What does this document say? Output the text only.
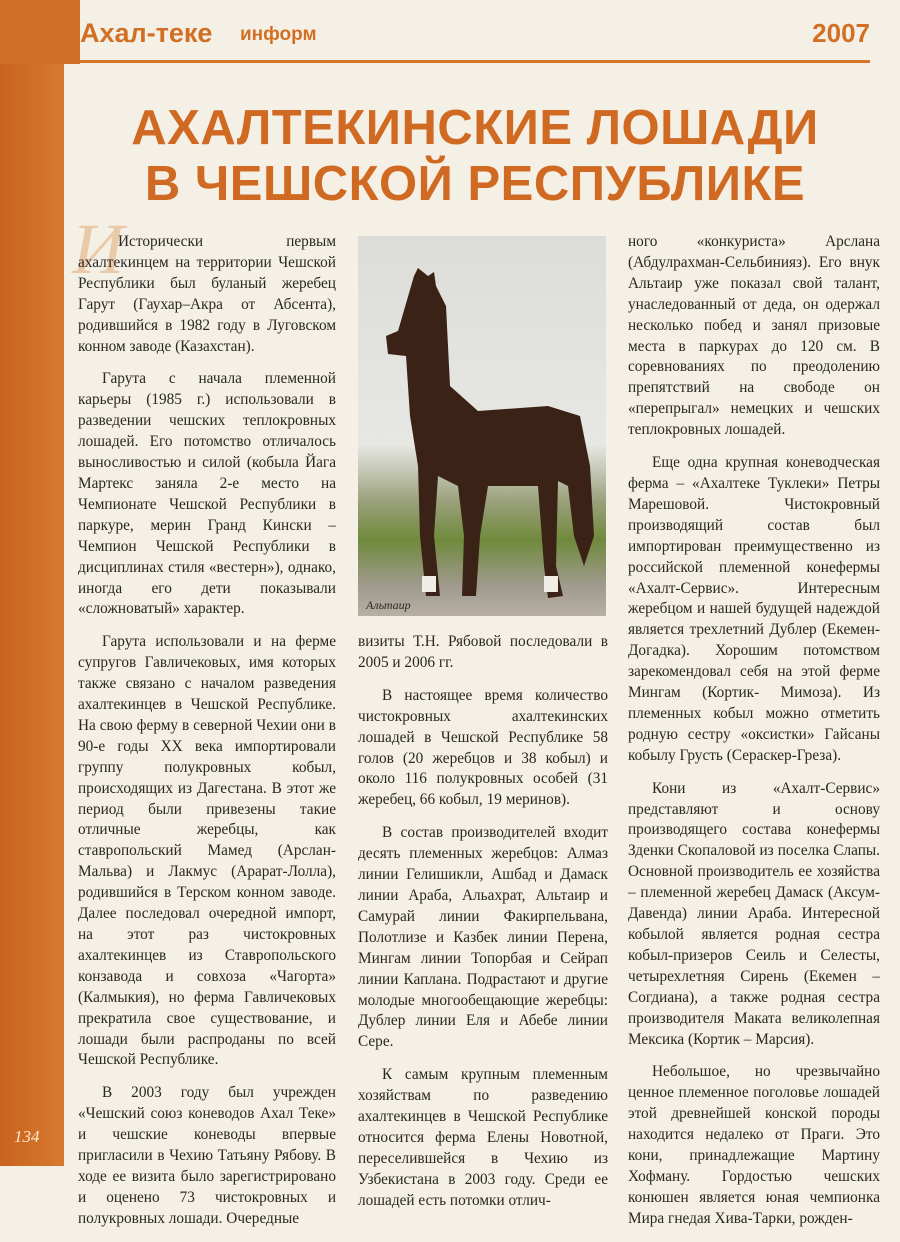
Ахал-теке информ	2007
АХАЛТЕКИНСКИЕ ЛОШАДИ
В ЧЕШСКОЙ РЕСПУБЛИКЕ
И

Исторически первым ахалтекинцем на территории Чешской Республики был буланый жеребец Гарут (Гаухар–Акра от Абсента), родившийся в 1982 году в Луговском конном заводе (Казахстан).

Гарута с начала племенной карьеры (1985 г.) использовали в разведении чешских теплокровных лошадей. Его потомство отличалось выносливостью и силой (кобыла Йага Мартекс заняла 2-е место на Чемпионате Чешской Республики в паркуре, мерин Гранд Кински – Чемпион Чешской Республики в дисциплинах стиля «вестерн»), однако, иногда его дети показывали «сложноватый» характер.

Гарута использовали и на ферме супругов Гавличековых, имя которых также связано с началом разведения ахалтекинцев в Чешской Республике. На свою ферму в северной Чехии они в 90-е годы XX века импортировали группу полукровных кобыл, происходящих из Дагестана. В этот же период были привезены такие отличные жеребцы, как ставропольский Мамед (Арслан-Мальва) и Лакмус (Арарат-Лолла), родившийся в Терском конном заводе. Далее последовал очередной импорт, на этот раз чистокровных ахалтекинцев из Ставропольского конзавода и совхоза «Чагорта» (Калмыкия), но ферма Гавличековых прекратила свое существование, и лошади были распроданы по всей Чешской Республике.

В 2003 году был учрежден «Чешский союз коневодов Ахал Теке» и чешские коневоды впервые пригласили в Чехию Татьяну Рябову. В ходе ее визита было зарегистрировано и оценено 73 чистокровных и полукровных лошади. Очередные

Альтаир

визиты Т.Н. Рябовой последовали в 2005 и 2006 гг.

В настоящее время количество чистокровных ахалтекинских лошадей в Чешской Республике 58 голов (20 жеребцов и 38 кобыл) и около 116 полукровных особей (31 жеребец, 66 кобыл, 19 меринов).

В состав производителей входит десять племенных жеребцов: Алмаз линии Гелишикли, Ашбад и Дамаск линии Араба, Альахрат, Альтаир и Самурай линии Факирпельвана, Полотлизе и Казбек линии Перена, Мингам линии Топорбая и Сейрап линии Каплана. Подрастают и другие молодые многообещающие жеребцы: Дублер линии Еля и Абебе линии Сере.

К самым крупным племенным хозяйствам по разведению ахалтекинцев в Чешской Республике относится ферма Елены Новотной, переселившейся в Чехию из Узбекистана в 2003 году. Среди ее лошадей есть потомки отлич-

ного «конкуриста» Арслана (Абдулрахман-Сельбинияз). Его внук Альтаир уже показал свой талант, унаследованный от деда, он одержал несколько побед и занял призовые места в паркурах до 120 см. В соревнованиях по преодолению препятствий на свободе он «перепрыгал» немецких и чешских теплокровных лошадей.

Еще одна крупная коневодческая ферма – «Ахалтеке Туклеки» Петры Марешовой. Чистокровный производящий состав был импортирован преимущественно из российской племенной конефермы «Ахалт-Сервис». Интересным жеребцом и нашей будущей надеждой является трехлетний Дублер (Екемен- Догадка). Хорошим потомством зарекомендовал себя на этой ферме Мингам (Кортик- Мимоза). Из племенных кобыл можно отметить родную сестру «оксистки» Гайсаны кобылу Грусть (Сераскер-Греза).

Кони из «Ахалт-Сервис» представляют и основу производящего состава конефермы Зденки Скопаловой из поселка Слапы. Основной производитель ее хозяйства – племенной жеребец Дамаск (Аксум-Давенда) линии Араба. Интересной кобылой является родная сестра кобыл-призеров Сеиль и Селесты, четырехлетняя Сирень (Екемен – Согдиана), а также родная сестра производителя Маката великолепная Мексика (Кортик – Марсия).

Небольшое, но чрезвычайно ценное племенное поголовье лошадей этой древнейшей конской породы находится недалеко от Праги. Это кони, принадлежащие Мартину Хофману. Гордостью чешских конюшен является юная чемпионка Мира гнедая Хива-Тарки, рожден-

134
